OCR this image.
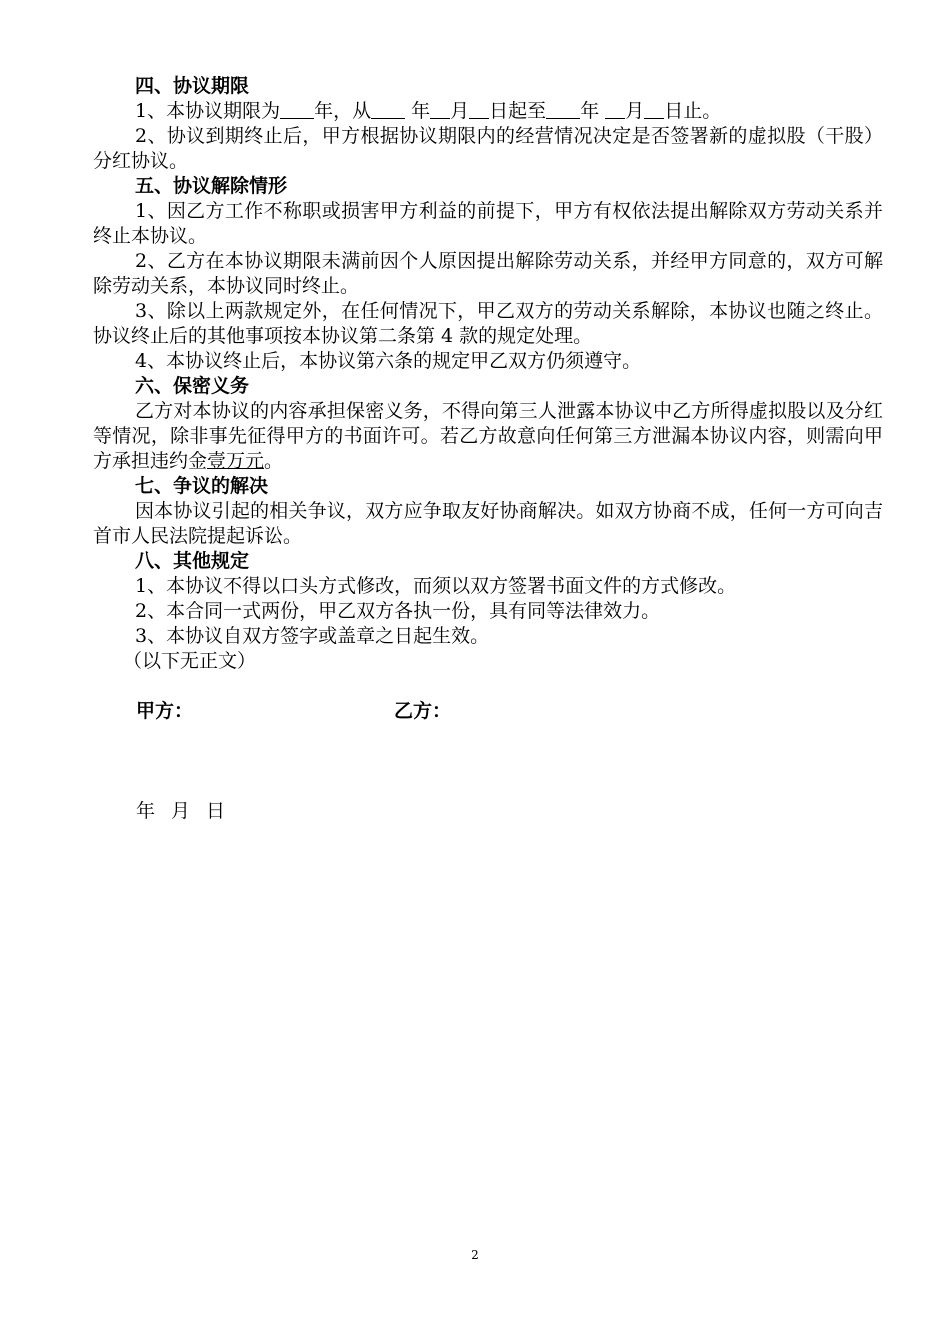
四、协议期限

1、本协议期限为 年，从 年 月 日起至 年 月 日止。

2、协议到期终止后，甲方根据协议期限内的经营情况决定是否签署新的虚拟股（干股）分红协议。

五、协议解除情形

1、因乙方工作不称职或损害甲方利益的前提下，甲方有权依法提出解除双方劳动关系并终止本协议。

2、乙方在本协议期限未满前因个人原因提出解除劳动关系，并经甲方同意的，双方可解除劳动关系，本协议同时终止。

3、除以上两款规定外，在任何情况下，甲乙双方的劳动关系解除，本协议也随之终止。协议终止后的其他事项按本协议第二条第 4 款的规定处理。

4、本协议终止后，本协议第六条的规定甲乙双方仍须遵守。

六、保密义务

乙方对本协议的内容承担保密义务，不得向第三人泄露本协议中乙方所得虚拟股以及分红等情况，除非事先征得甲方的书面许可。若乙方故意向任何第三方泄漏本协议内容，则需向甲方承担违约金壹万元。

七、争议的解决

因本协议引起的相关争议，双方应争取友好协商解决。如双方协商不成，任何一方可向吉首市人民法院提起诉讼。

八、其他规定

1、本协议不得以口头方式修改，而须以双方签署书面文件的方式修改。

2、本合同一式两份，甲乙双方各执一份，具有同等法律效力。

3、本协议自双方签字或盖章之日起生效。

（以下无正文）

甲方：	乙方：
年 月 日
2
